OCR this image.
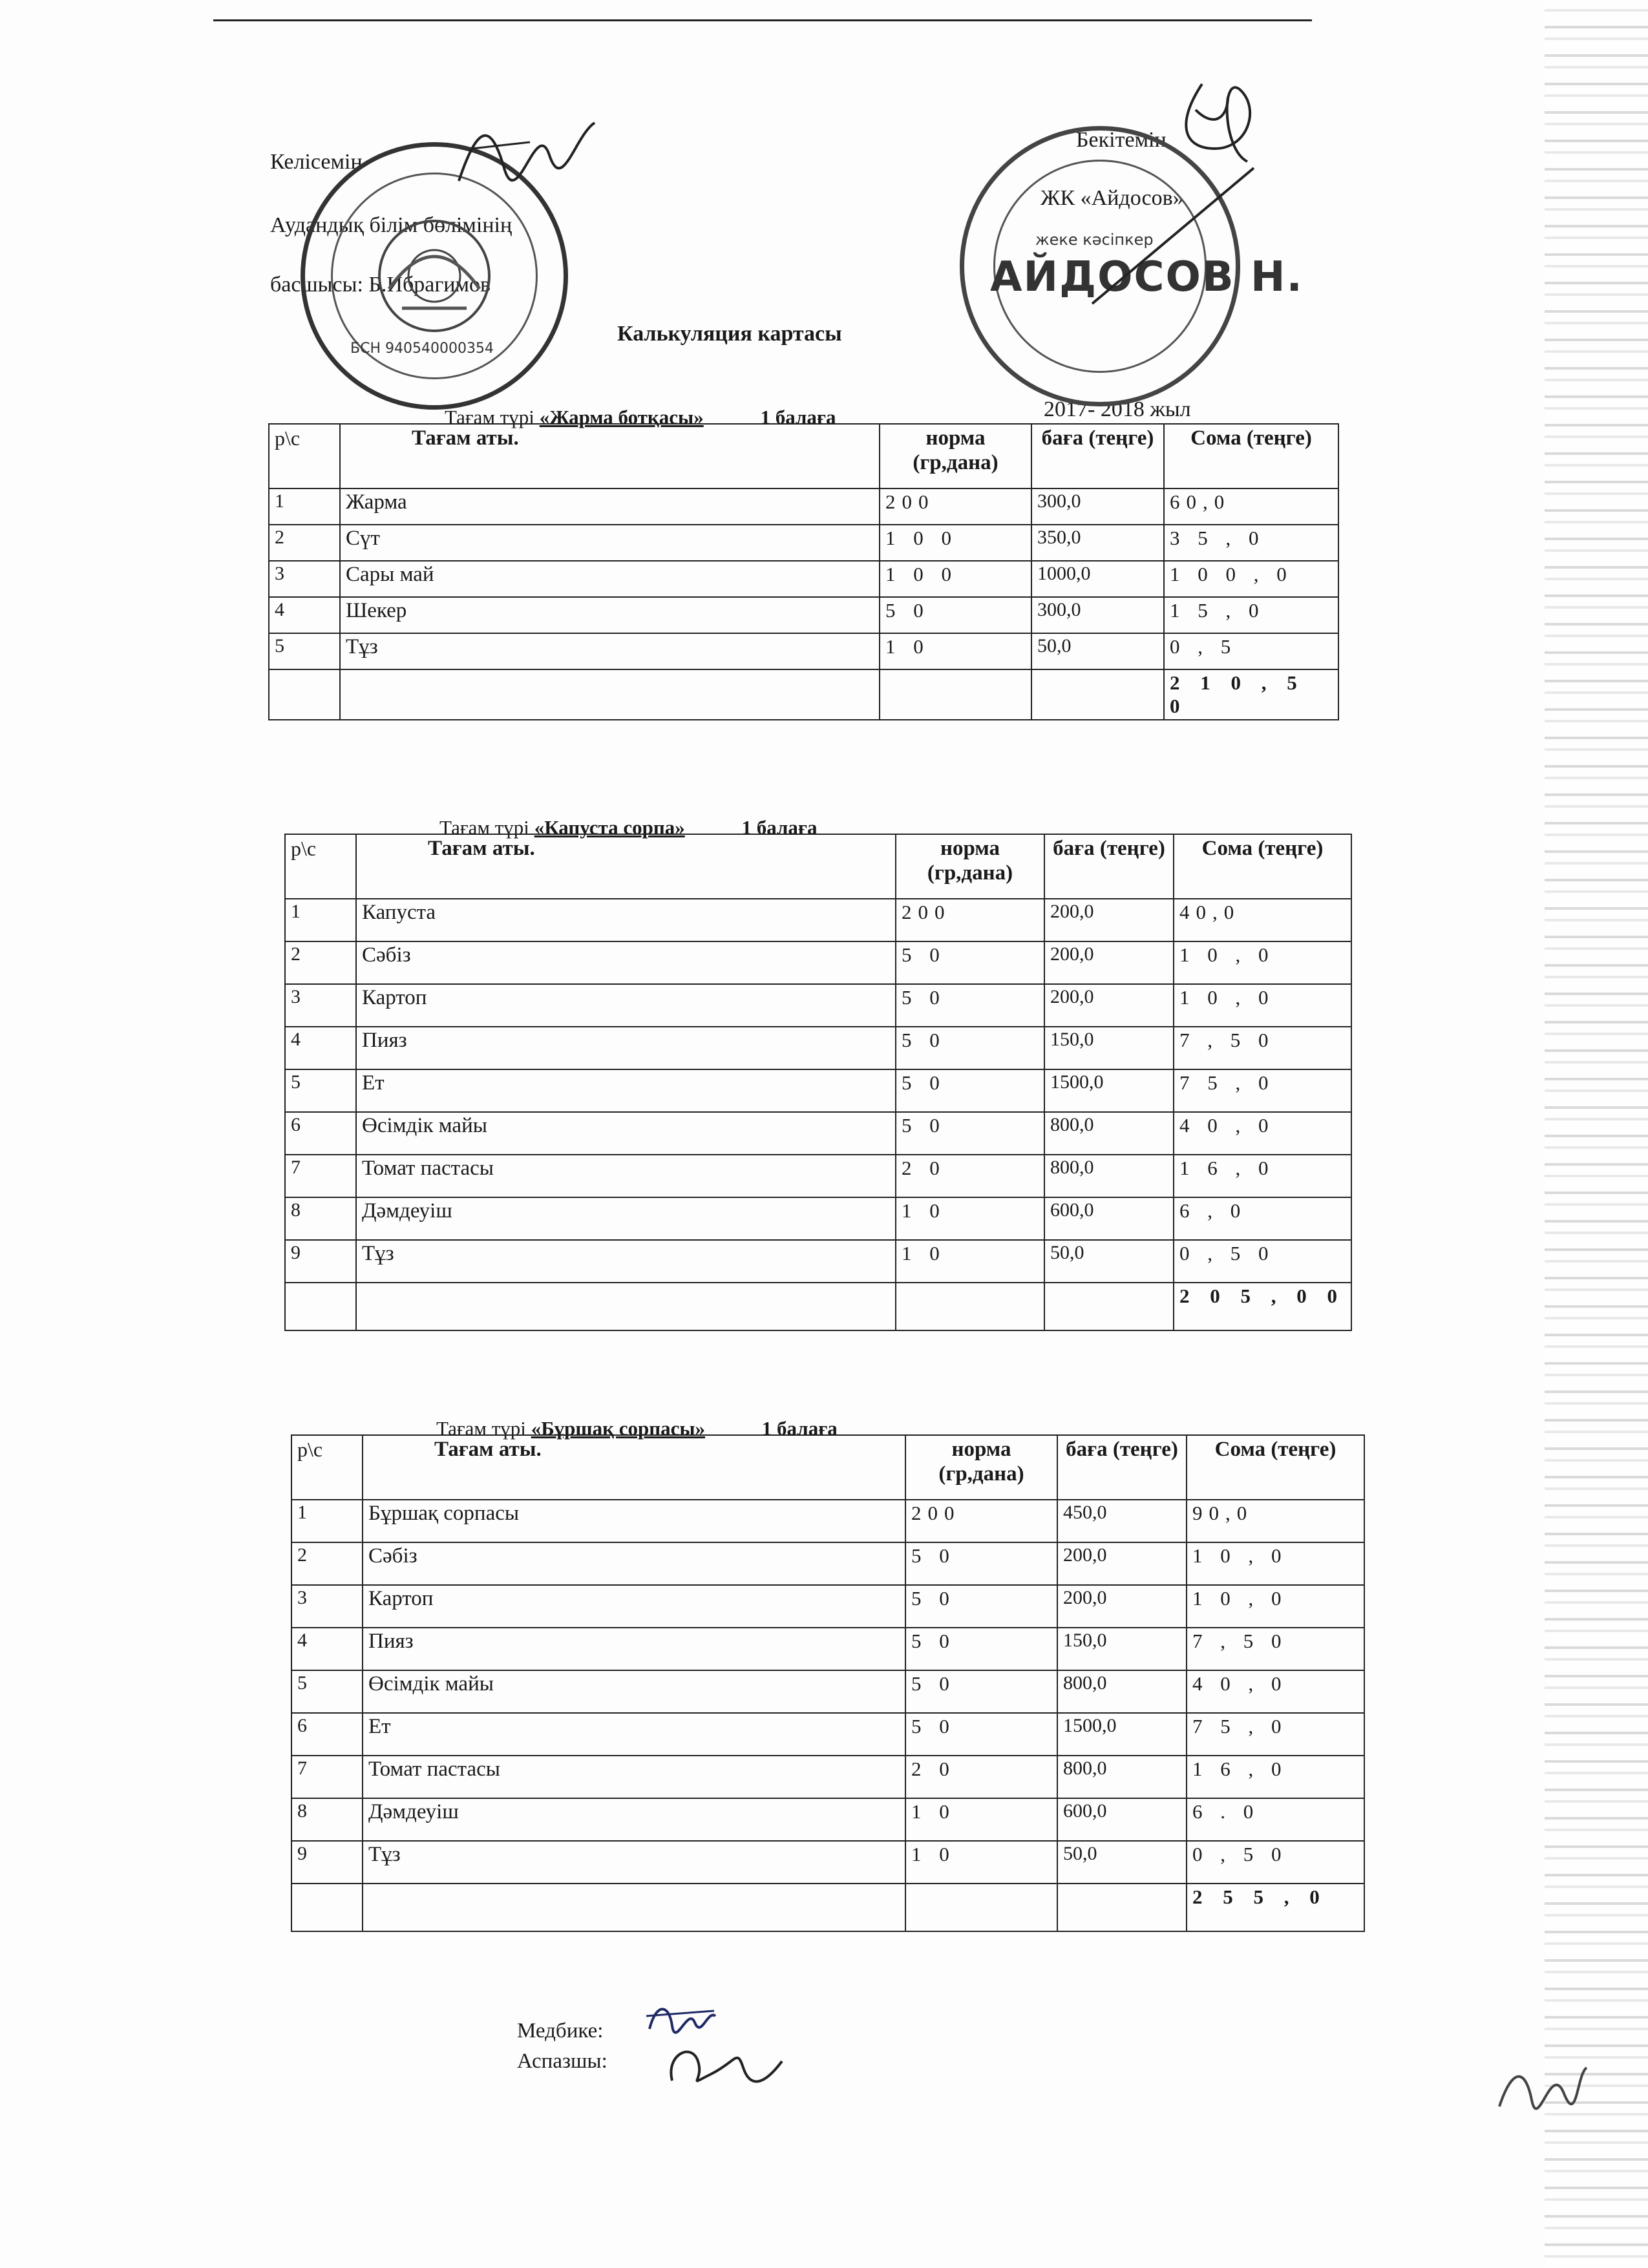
Келісемін
Аудандық білім бөлімінің
басшысы: Б.Ибрагимов
Бекітемін
ЖК «Айдосов»
Калькуляция картасы
2017- 2018 жыл
БСН 940540000354
жеке кәсіпкер
АЙДОСОВ Н.
Тағам түрі «Жарма ботқасы»	1 балаға
р\с	Тағам аты.	норма (гр,дана)	баға (теңге)	Сома (теңге)
1	Жарма	200	300,0	60,0
2	Сүт	1 0 0	350,0	3 5 , 0
3	Сары май	1 0 0	1000,0	1 0 0 , 0
4	Шекер	5 0	300,0	1 5 , 0
5	Тұз	1 0	50,0	0 , 5
				2 1 0 , 5 0
Тағам түрі «Капуста сорпа»	1 балаға
р\с	Тағам аты.	норма (гр,дана)	баға (теңге)	Сома (теңге)
1	Капуста	200	200,0	40,0
2	Сәбіз	5 0	200,0	1 0 , 0
3	Картоп	5 0	200,0	1 0 , 0
4	Пияз	5 0	150,0	7 , 5 0
5	Ет	5 0	1500,0	7 5 , 0
6	Өсімдік майы	5 0	800,0	4 0 , 0
7	Томат пастасы	2 0	800,0	1 6 , 0
8	Дәмдеуіш	1 0	600,0	6 , 0
9	Тұз	1 0	50,0	0 , 5 0
				2 0 5 , 0 0
Тағам түрі «Бұршақ сорпасы»	1 балаға
р\с	Тағам аты.	норма (гр,дана)	баға (теңге)	Сома (теңге)
1	Бұршақ сорпасы	200	450,0	90,0
2	Сәбіз	5 0	200,0	1 0 , 0
3	Картоп	5 0	200,0	1 0 , 0
4	Пияз	5 0	150,0	7 , 5 0
5	Өсімдік майы	5 0	800,0	4 0 , 0
6	Ет	5 0	1500,0	7 5 , 0
7	Томат пастасы	2 0	800,0	1 6 , 0
8	Дәмдеуіш	1 0	600,0	6 . 0
9	Тұз	1 0	50,0	0 , 5 0
				2 5 5 , 0
Медбике:
Аспазшы:
